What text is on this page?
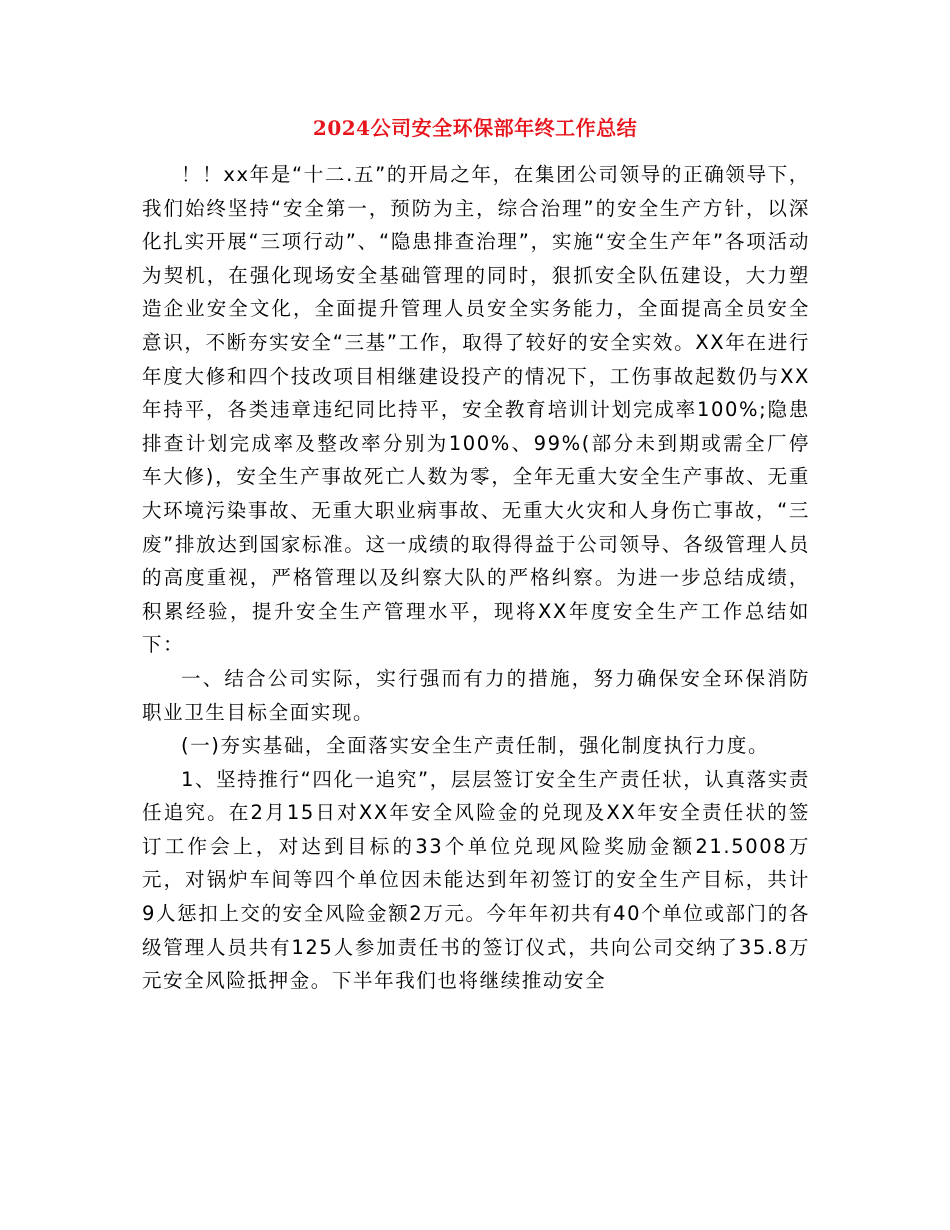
2024公司安全环保部年终工作总结

！！xx年是“十二.五”的开局之年，在集团公司领导的正确领导下，我们始终坚持“安全第一，预防为主，综合治理”的安全生产方针，以深化扎实开展“三项行动”、“隐患排查治理”，实施“安全生产年”各项活动为契机，在强化现场安全基础管理的同时，狠抓安全队伍建设，大力塑造企业安全文化，全面提升管理人员安全实务能力，全面提高全员安全意识，不断夯实安全“三基”工作，取得了较好的安全实效。XX年在进行年度大修和四个技改项目相继建设投产的情况下，工伤事故起数仍与XX年持平，各类违章违纪同比持平，安全教育培训计划完成率100%;隐患排查计划完成率及整改率分别为100%、99%(部分未到期或需全厂停车大修)，安全生产事故死亡人数为零，全年无重大安全生产事故、无重大环境污染事故、无重大职业病事故、无重大火灾和人身伤亡事故，“三废”排放达到国家标准。这一成绩的取得得益于公司领导、各级管理人员的高度重视，严格管理以及纠察大队的严格纠察。为进一步总结成绩，积累经验，提升安全生产管理水平，现将XX年度安全生产工作总结如下：

一、结合公司实际，实行强而有力的措施，努力确保安全环保消防职业卫生目标全面实现。

(一)夯实基础，全面落实安全生产责任制，强化制度执行力度。

1、坚持推行“四化一追究”，层层签订安全生产责任状，认真落实责任追究。在2月15日对XX年安全风险金的兑现及XX年安全责任状的签订工作会上，对达到目标的33个单位兑现风险奖励金额21.5008万元，对锅炉车间等四个单位因未能达到年初签订的安全生产目标，共计9人惩扣上交的安全风险金额2万元。今年年初共有40个单位或部门的各级管理人员共有125人参加责任书的签订仪式，共向公司交纳了35.8万元安全风险抵押金。下半年我们也将继续推动安全
